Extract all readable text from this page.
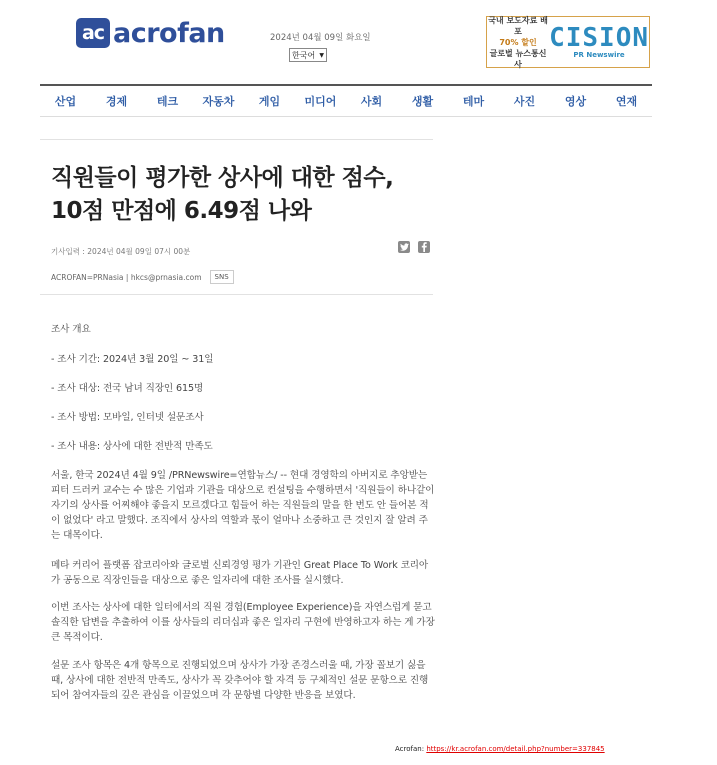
ac acrofan	2024년 04월 09일 화요일
한국어 ▼
국내 보도자료 배포
70% 할인
글로벌 뉴스통신사
CISION
PR Newswire
산업	경제	테크	자동차	게임	미디어	사회	생활	테마	사진	영상	연재
직원들이 평가한 상사에 대한 점수,
10점 만점에 6.49점 나와
기사입력 : 2024년 04월 09일 07시 00분
ACROFAN=PRNasia | hkcs@prnasia.com	SNS
조사 개요
- 조사 기간: 2024년 3월 20일 ~ 31일
- 조사 대상: 전국 남녀 직장인 615명
- 조사 방법: 모바일, 인터넷 설문조사
- 조사 내용: 상사에 대한 전반적 만족도
서울, 한국 2024년 4월 9일 /PRNewswire=연합뉴스/ -- 현대 경영학의 아버지로 추앙받는 피터 드러커 교수는 수 많은 기업과 기관을 대상으로 컨설팅을 수행하면서 '직원들이 하나같이 자기의 상사를 어찌해야 좋을지 모르겠다고 힘들어 하는 직원들의 말을 한 번도 안 들어본 적이 없었다' 라고 말했다. 조직에서 상사의 역할과 몫이 얼마나 소중하고 큰 것인지 잘 알려 주는 대목이다.
메타 커리어 플랫폼 잡코리아와 글로벌 신뢰경영 평가 기관인 Great Place To Work 코리아가 공동으로 직장인들을 대상으로 좋은 일자리에 대한 조사를 실시했다.
이번 조사는 상사에 대한 일터에서의 직원 경험(Employee Experience)을 자연스럽게 묻고 솔직한 답변을 추출하여 이를 상사들의 리더십과 좋은 일자리 구현에 반영하고자 하는 게 가장 큰 목적이다.
설문 조사 항목은 4개 항목으로 진행되었으며 상사가 가장 존경스러울 때, 가장 꼴보기 싫을 때, 상사에 대한 전반적 만족도, 상사가 꼭 갖추어야 할 자격 등 구체적인 설문 문항으로 진행되어 참여자들의 깊은 관심을 이끌었으며 각 문항별 다양한 반응을 보였다.
Acrofan: https://kr.acrofan.com/detail.php?number=337845
